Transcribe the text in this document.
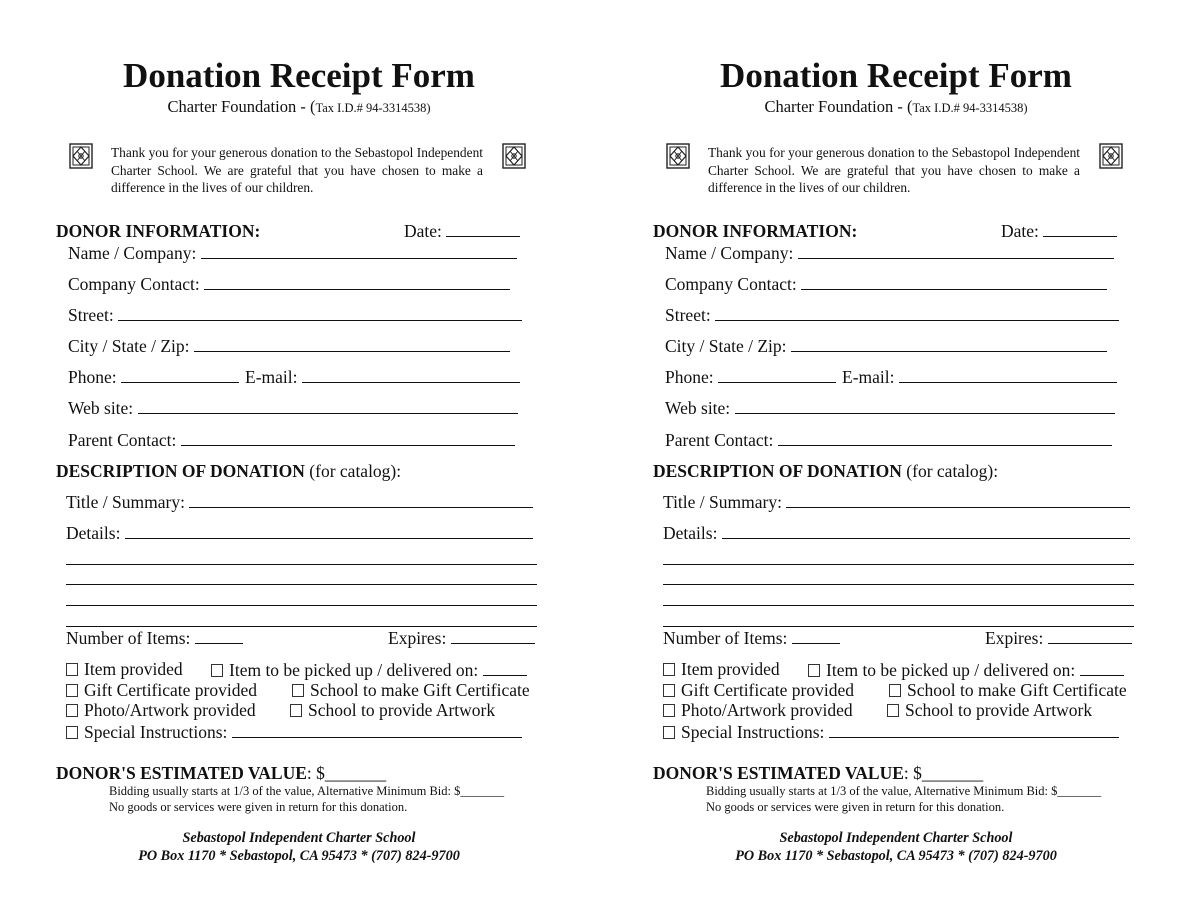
Donation Receipt Form
Charter Foundation - (Tax I.D.# 94-3314538)
Thank you for your generous donation to the Sebastopol Independent Charter School. We are grateful that you have chosen to make a difference in the lives of our children.
DONOR INFORMATION:	Date:
Name / Company:
Company Contact:
Street:
City / State / Zip:
Phone:	E-mail:
Web site:
Parent Contact:
DESCRIPTION OF DONATION (for catalog):
Title / Summary:
Details:
Number of Items:	Expires:
Item provided	Item to be picked up / delivered on:
Gift Certificate provided	School to make Gift Certificate
Photo/Artwork provided	School to provide Artwork
Special Instructions:
DONOR'S ESTIMATED VALUE: $_______
Bidding usually starts at 1/3 of the value, Alternative Minimum Bid: $_______
No goods or services were given in return for this donation.
Sebastopol Independent Charter School
PO Box 1170 * Sebastopol, CA 95473 * (707) 824-9700
Donation Receipt Form
Charter Foundation - (Tax I.D.# 94-3314538)
Thank you for your generous donation to the Sebastopol Independent Charter School. We are grateful that you have chosen to make a difference in the lives of our children.
DONOR INFORMATION:	Date:
Name / Company:
Company Contact:
Street:
City / State / Zip:
Phone:	E-mail:
Web site:
Parent Contact:
DESCRIPTION OF DONATION (for catalog):
Title / Summary:
Details:
Number of Items:	Expires:
Item provided	Item to be picked up / delivered on:
Gift Certificate provided	School to make Gift Certificate
Photo/Artwork provided	School to provide Artwork
Special Instructions:
DONOR'S ESTIMATED VALUE: $_______
Bidding usually starts at 1/3 of the value, Alternative Minimum Bid: $_______
No goods or services were given in return for this donation.
Sebastopol Independent Charter School
PO Box 1170 * Sebastopol, CA 95473 * (707) 824-9700
